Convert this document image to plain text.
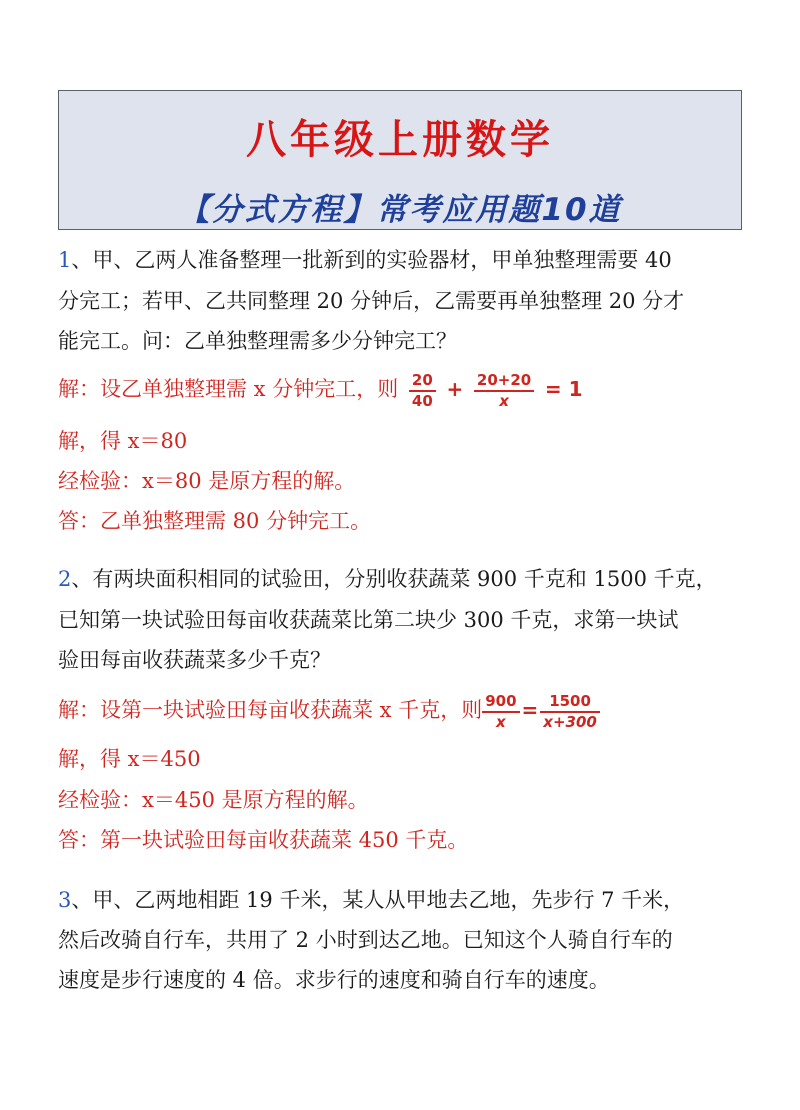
八年级上册数学
【分式方程】常考应用题10道
1、甲、乙两人准备整理一批新到的实验器材，甲单独整理需要 40
分完工；若甲、乙共同整理 20 分钟后，乙需要再单独整理 20 分才
能完工。问：乙单独整理需多少分钟完工？
解：设乙单独整理需 x 分钟完工，则 $\frac{20}{40} + \frac{20+20}{x} = 1$
解，得 x＝80
经检验：x＝80 是原方程的解。
答：乙单独整理需 80 分钟完工。
2、有两块面积相同的试验田，分别收获蔬菜 900 千克和 1500 千克，
已知第一块试验田每亩收获蔬菜比第二块少 300 千克，求第一块试
验田每亩收获蔬菜多少千克？
解：设第一块试验田每亩收获蔬菜 x 千克，则 $\frac{900}{x} = \frac{1500}{x+300}$
解，得 x＝450
经检验：x＝450 是原方程的解。
答：第一块试验田每亩收获蔬菜 450 千克。
3、甲、乙两地相距 19 千米，某人从甲地去乙地，先步行 7 千米，
然后改骑自行车，共用了 2 小时到达乙地。已知这个人骑自行车的
速度是步行速度的 4 倍。求步行的速度和骑自行车的速度。
